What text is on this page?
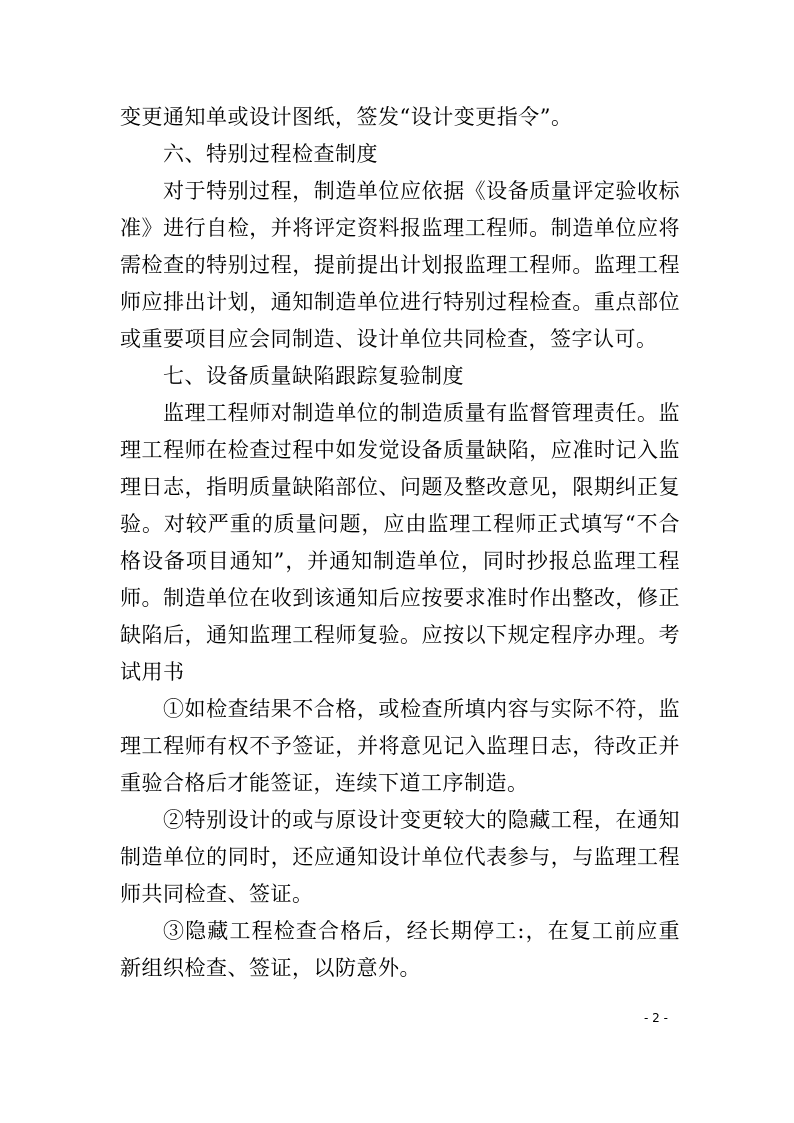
变更通知单或设计图纸，签发“设计变更指令”。
六、特别过程检查制度
对于特别过程，制造单位应依据《设备质量评定验收标
准》进行自检，并将评定资料报监理工程师。制造单位应将
需检查的特别过程，提前提出计划报监理工程师。监理工程
师应排出计划，通知制造单位进行特别过程检查。重点部位
或重要项目应会同制造、设计单位共同检查，签字认可。
七、设备质量缺陷跟踪复验制度
监理工程师对制造单位的制造质量有监督管理责任。监
理工程师在检查过程中如发觉设备质量缺陷，应准时记入监
理日志，指明质量缺陷部位、问题及整改意见，限期纠正复
验。对较严重的质量问题，应由监理工程师正式填写“不合
格设备项目通知”，并通知制造单位，同时抄报总监理工程
师。制造单位在收到该通知后应按要求准时作出整改，修正
缺陷后，通知监理工程师复验。应按以下规定程序办理。考
试用书
①如检查结果不合格，或检查所填内容与实际不符，监
理工程师有权不予签证，并将意见记入监理日志，待改正并
重验合格后才能签证，连续下道工序制造。
②特别设计的或与原设计变更较大的隐藏工程，在通知
制造单位的同时，还应通知设计单位代表参与，与监理工程
师共同检查、签证。
③隐藏工程检查合格后，经长期停工:，在复工前应重
新组织检查、签证，以防意外。
- 2 -
